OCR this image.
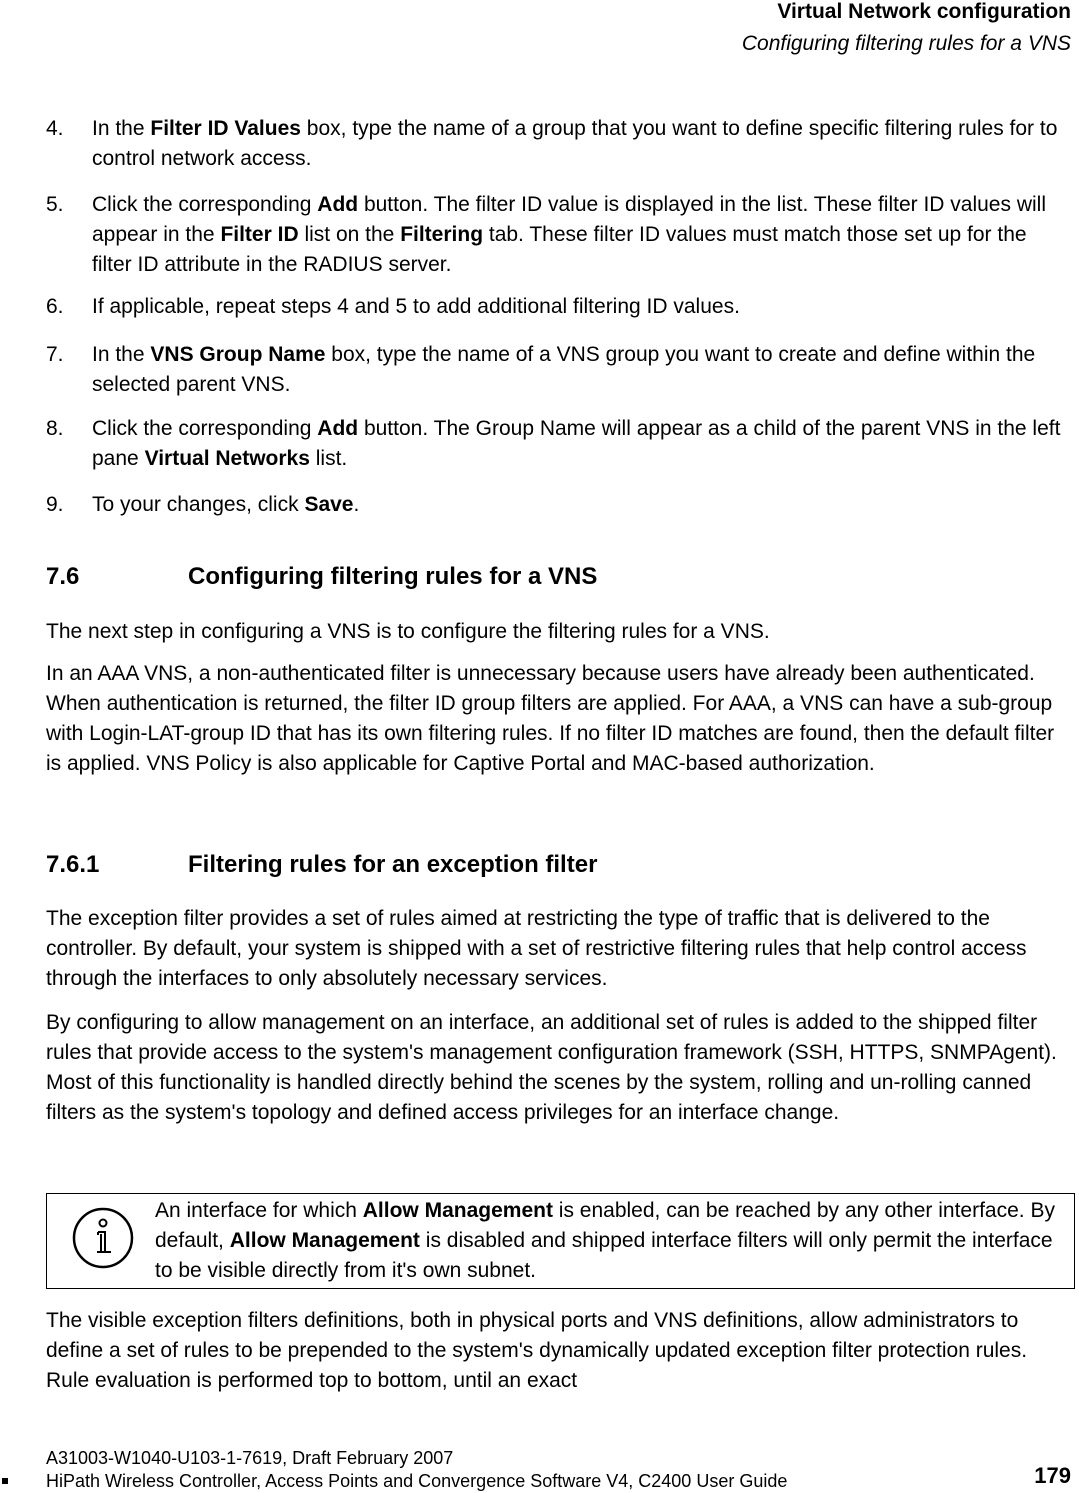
Virtual Network configuration
Configuring filtering rules for a VNS
4. In the Filter ID Values box, type the name of a group that you want to define specific filtering rules for to control network access.
5. Click the corresponding Add button. The filter ID value is displayed in the list. These filter ID values will appear in the Filter ID list on the Filtering tab. These filter ID values must match those set up for the filter ID attribute in the RADIUS server.
6. If applicable, repeat steps 4 and 5 to add additional filtering ID values.
7. In the VNS Group Name box, type the name of a VNS group you want to create and define within the selected parent VNS.
8. Click the corresponding Add button. The Group Name will appear as a child of the parent VNS in the left pane Virtual Networks list.
9. To your changes, click Save.
7.6	Configuring filtering rules for a VNS
The next step in configuring a VNS is to configure the filtering rules for a VNS.
In an AAA VNS, a non-authenticated filter is unnecessary because users have already been authenticated. When authentication is returned, the filter ID group filters are applied. For AAA, a VNS can have a sub-group with Login-LAT-group ID that has its own filtering rules. If no filter ID matches are found, then the default filter is applied. VNS Policy is also applicable for Captive Portal and MAC-based authorization.
7.6.1	Filtering rules for an exception filter
The exception filter provides a set of rules aimed at restricting the type of traffic that is delivered to the controller. By default, your system is shipped with a set of restrictive filtering rules that help control access through the interfaces to only absolutely necessary services.
By configuring to allow management on an interface, an additional set of rules is added to the shipped filter rules that provide access to the system's management configuration framework (SSH, HTTPS, SNMPAgent). Most of this functionality is handled directly behind the scenes by the system, rolling and un-rolling canned filters as the system's topology and defined access privileges for an interface change.
An interface for which Allow Management is enabled, can be reached by any other interface. By default, Allow Management is disabled and shipped interface filters will only permit the interface to be visible directly from it's own subnet.
The visible exception filters definitions, both in physical ports and VNS definitions, allow administrators to define a set of rules to be prepended to the system's dynamically updated exception filter protection rules. Rule evaluation is performed top to bottom, until an exact
A31003-W1040-U103-1-7619, Draft February 2007
HiPath Wireless Controller, Access Points and Convergence Software V4, C2400 User Guide	179
